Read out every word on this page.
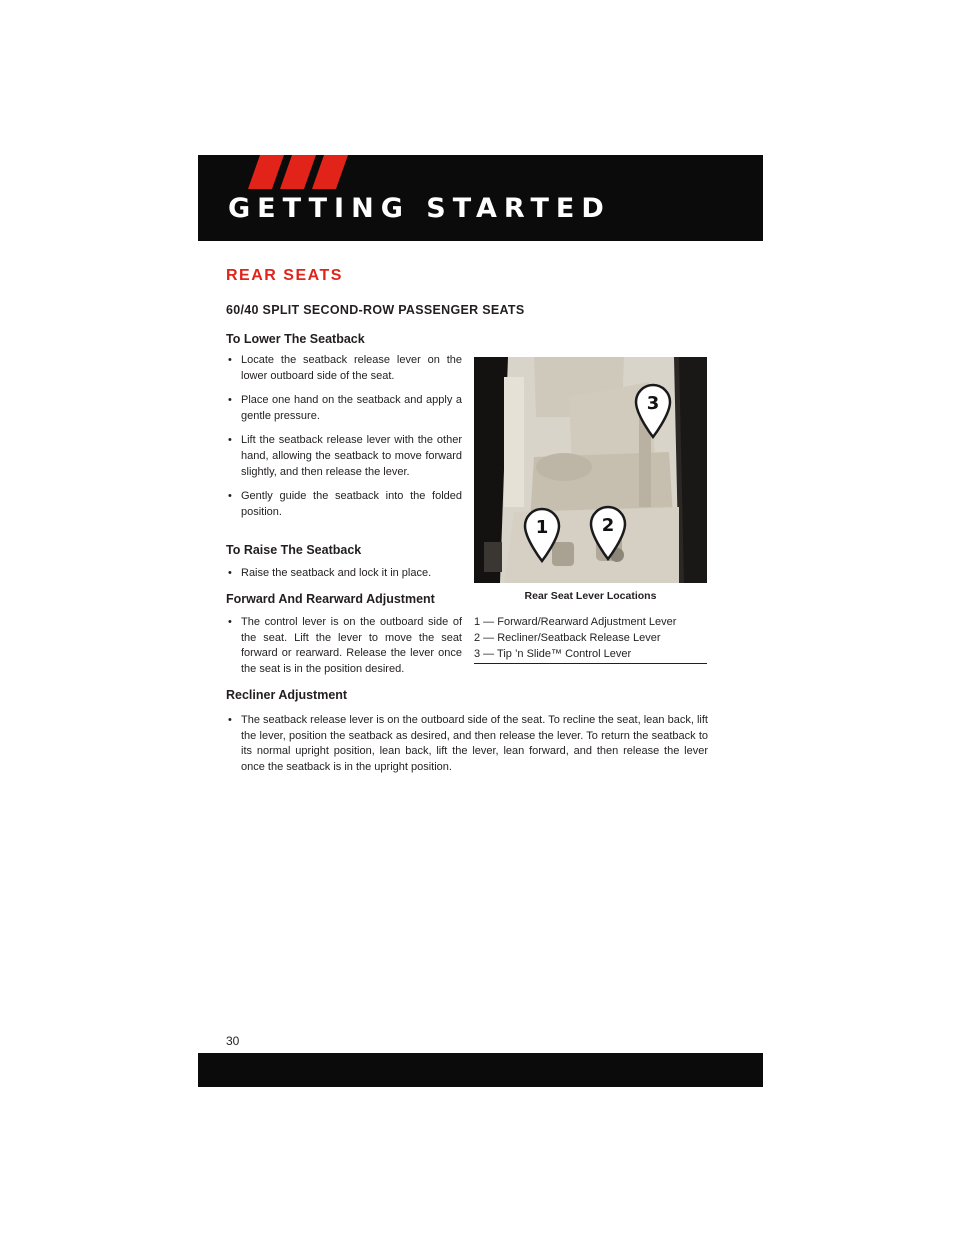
GETTING STARTED
REAR SEATS
60/40 SPLIT SECOND-ROW PASSENGER SEATS
To Lower The Seatback

• Locate the seatback release lever on the lower outboard side of the seat.

• Place one hand on the seatback and apply a gentle pressure.

• Lift the seatback release lever with the other hand, allowing the seatback to move forward slightly, and then release the lever.

• Gently guide the seatback into the folded position.

To Raise The Seatback

• Raise the seatback and lock it in place.

Forward And Rearward Adjustment

• The control lever is on the outboard side of the seat. Lift the lever to move the seat forward or rearward. Release the lever once the seat is in the position desired.

Recliner Adjustment

• The seatback release lever is on the outboard side of the seat. To recline the seat, lean back, lift the lever, position the seatback as desired, and then release the lever. To return the seatback to its normal upright position, lean back, lift the lever, lean forward, and then release the lever once the seatback is in the upright position.

1	2
3
Rear Seat Lever Locations
1 — Forward/Rearward Adjustment Lever
2 — Recliner/Seatback Release Lever
3 — Tip ’n Slide™ Control Lever
30
